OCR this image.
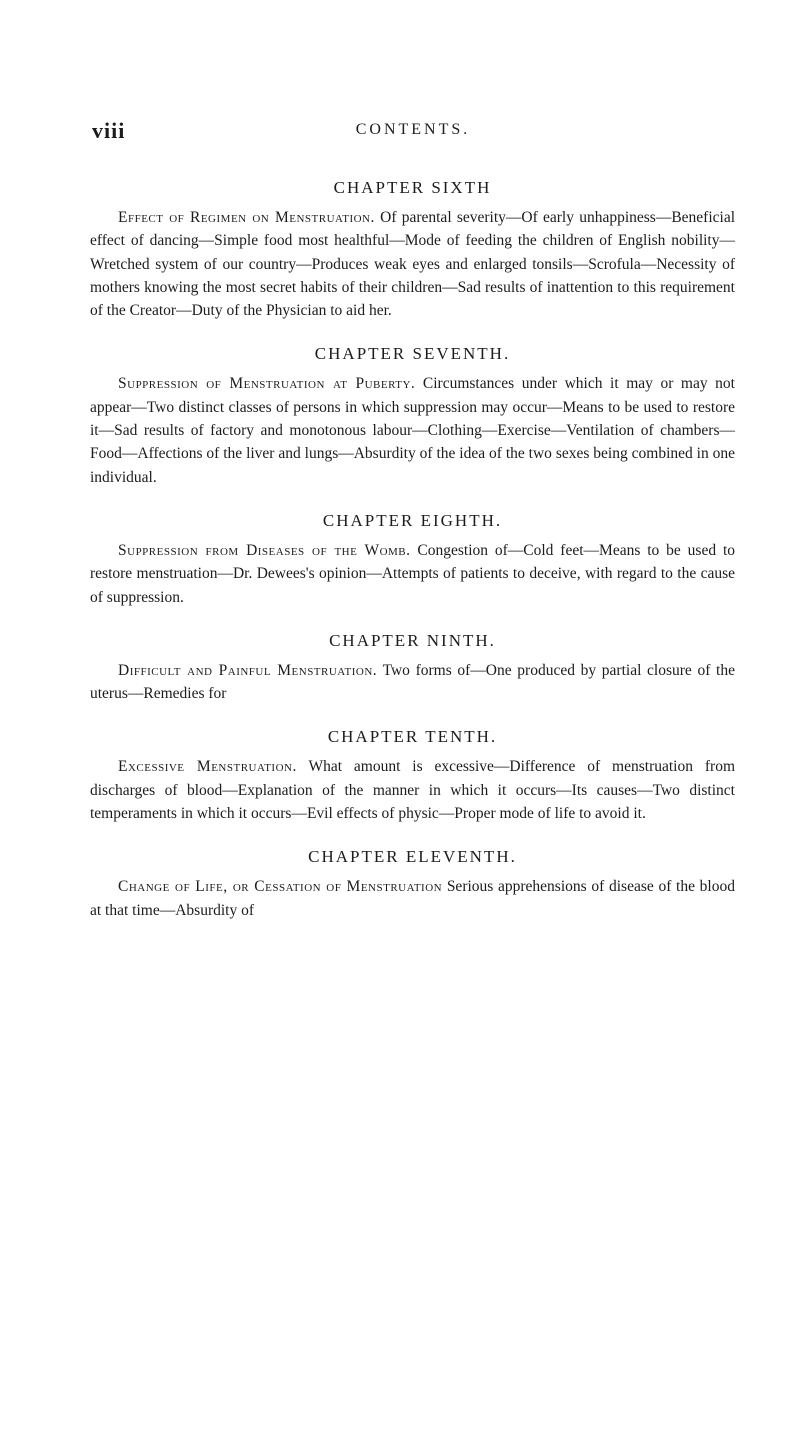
viii	CONTENTS.
CHAPTER SIXTH

Effect of Regimen on Menstruation. Of parental severity—Of early unhappiness—Beneficial effect of dancing—Simple food most healthful—Mode of feeding the children of English nobility—Wretched system of our country—Produces weak eyes and enlarged tonsils—Scrofula—Necessity of mothers knowing the most secret habits of their children—Sad results of inattention to this requirement of the Creator—Duty of the Physician to aid her.

CHAPTER SEVENTH.

Suppression of Menstruation at Puberty. Circumstances under which it may or may not appear—Two distinct classes of persons in which suppression may occur—Means to be used to restore it—Sad results of factory and monotonous labour—Clothing—Exercise—Ventilation of chambers—Food—Affections of the liver and lungs—Absurdity of the idea of the two sexes being combined in one individual.

CHAPTER EIGHTH.

Suppression from Diseases of the Womb. Congestion of—Cold feet—Means to be used to restore menstruation—Dr. Dewees's opinion—Attempts of patients to deceive, with regard to the cause of suppression.

CHAPTER NINTH.

Difficult and Painful Menstruation. Two forms of—One produced by partial closure of the uterus—Remedies for

CHAPTER TENTH.

Excessive Menstruation. What amount is excessive—Difference of menstruation from discharges of blood—Explanation of the manner in which it occurs—Its causes—Two distinct temperaments in which it occurs—Evil effects of physic—Proper mode of life to avoid it.

CHAPTER ELEVENTH.

Change of Life, or Cessation of Menstruation Serious apprehensions of disease of the blood at that time—Absurdity of
